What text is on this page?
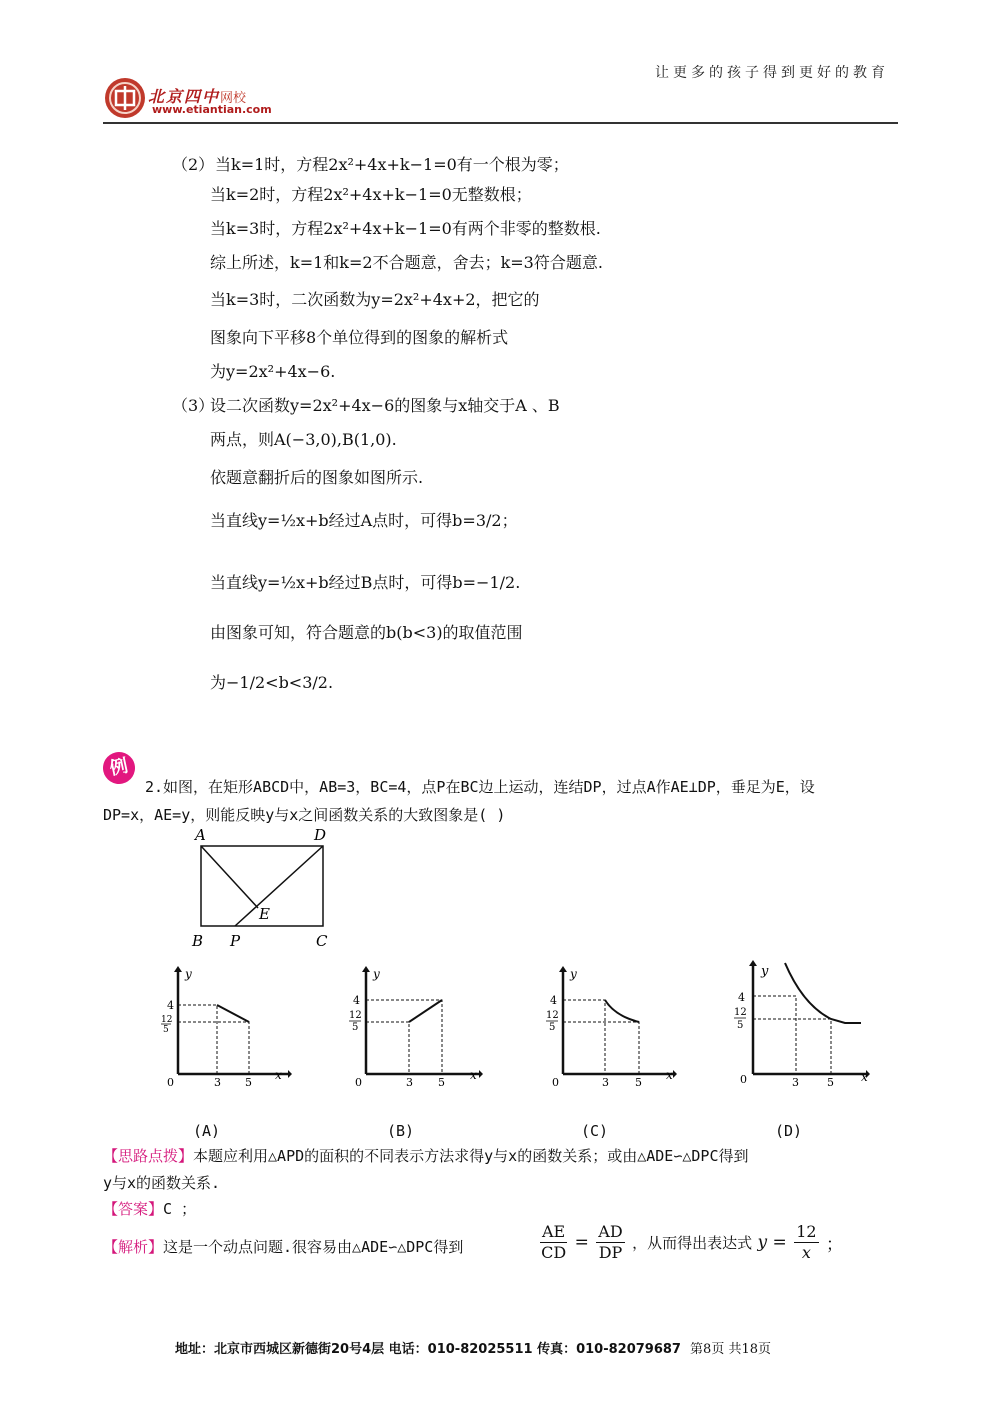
北京四中网校
www.etiantian.com
让更多的孩子得到更好的教育
（2） 当k=1时，方程2x²+4x+k−1=0有一个根为零；
当k=2时，方程2x²+4x+k−1=0无整数根；
当k=3时，方程2x²+4x+k−1=0有两个非零的整数根.
综上所述，k=1和k=2不合题意，舍去；k=3符合题意.
当k=3时，二次函数为y=2x²+4x+2，把它的
图象向下平移8个单位得到的图象的解析式
为y=2x²+4x−6.
（3）
设二次函数y=2x²+4x−6的图象与x轴交于A 、B
两点，则A(−3,0),B(1,0).
依题意翻折后的图象如图所示.
当直线y=½x+b经过A点时，可得b=3/2；
当直线y=½x+b经过B点时，可得b=−1/2.
由图象可知，符合题意的b(b<3)的取值范围
为−1/2<b<3/2.
例
2.如图，在矩形ABCD中，AB=3，BC=4，点P在BC边上运动，连结DP，过点A作AE⊥DP，垂足为E，设
DP=x，AE=y，则能反映y与x之间函数关系的大致图象是( )
A	D
E
B P	C
y
x
0	3 5
4
12
5
y
x
0	3 5
4
12
5
y
x
0	3 5
4
12
5
y
x
0	3	5
4
12
5
(A)	(B)	(C)	(D)
【思路点拨】本题应利用△APD的面积的不同表示方法求得y与x的函数关系；或由△ADE∽△DPC得到
y与x的函数关系.
【答案】C ；
【解析】这是一个动点问题.很容易由△ADE∽△DPC得到	$\frac{AE}{CD} = \frac{AD}{DP}$ ，从而得出表达式 $y = \frac{12}{x}$ ；
地址：北京市西城区新德街20号4层 电话：010-82025511 传真：010-82079687 第8页 共18页
